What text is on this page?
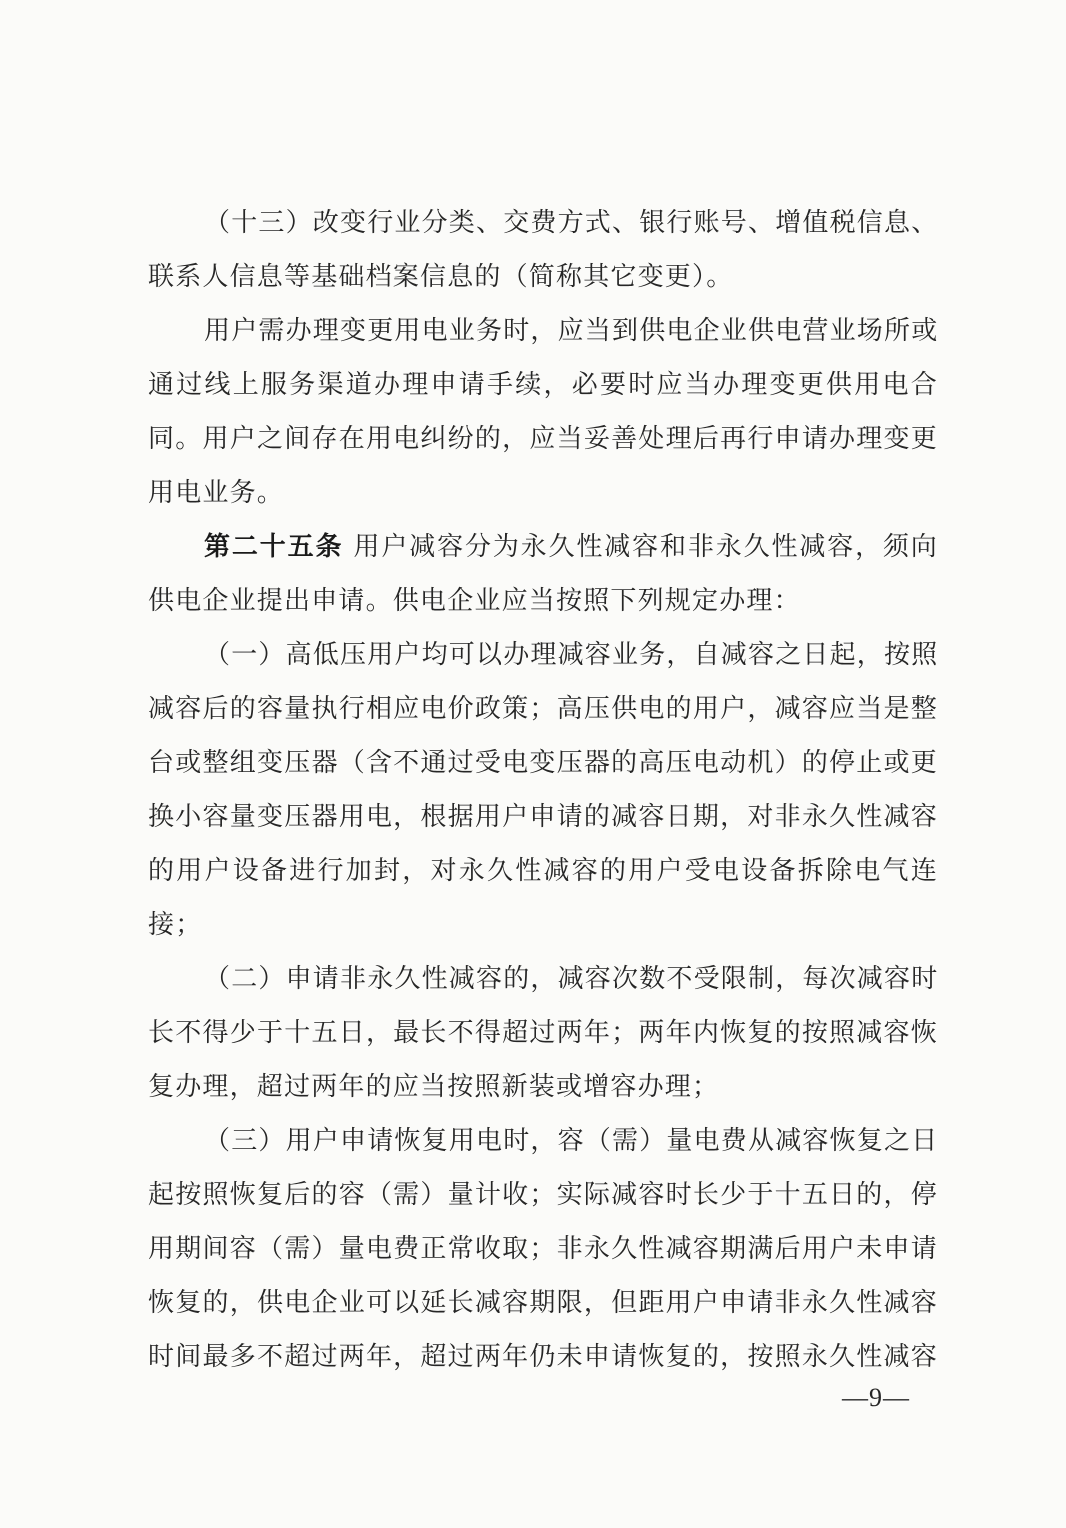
（十三）改变行业分类、交费方式、银行账号、增值税信息、
联系人信息等基础档案信息的（简称其它变更）。
用户需办理变更用电业务时，应当到供电企业供电营业场所或
通过线上服务渠道办理申请手续，必要时应当办理变更供用电合
同。用户之间存在用电纠纷的，应当妥善处理后再行申请办理变更
用电业务。
第二十五条 用户减容分为永久性减容和非永久性减容，须向
供电企业提出申请。供电企业应当按照下列规定办理：
（一）高低压用户均可以办理减容业务，自减容之日起，按照
减容后的容量执行相应电价政策；高压供电的用户，减容应当是整
台或整组变压器（含不通过受电变压器的高压电动机）的停止或更
换小容量变压器用电，根据用户申请的减容日期，对非永久性减容
的用户设备进行加封，对永久性减容的用户受电设备拆除电气连
接；
（二）申请非永久性减容的，减容次数不受限制，每次减容时
长不得少于十五日，最长不得超过两年；两年内恢复的按照减容恢
复办理，超过两年的应当按照新装或增容办理；
（三）用户申请恢复用电时，容（需）量电费从减容恢复之日
起按照恢复后的容（需）量计收；实际减容时长少于十五日的，停
用期间容（需）量电费正常收取；非永久性减容期满后用户未申请
恢复的，供电企业可以延长减容期限，但距用户申请非永久性减容
时间最多不超过两年，超过两年仍未申请恢复的，按照永久性减容
—9—
